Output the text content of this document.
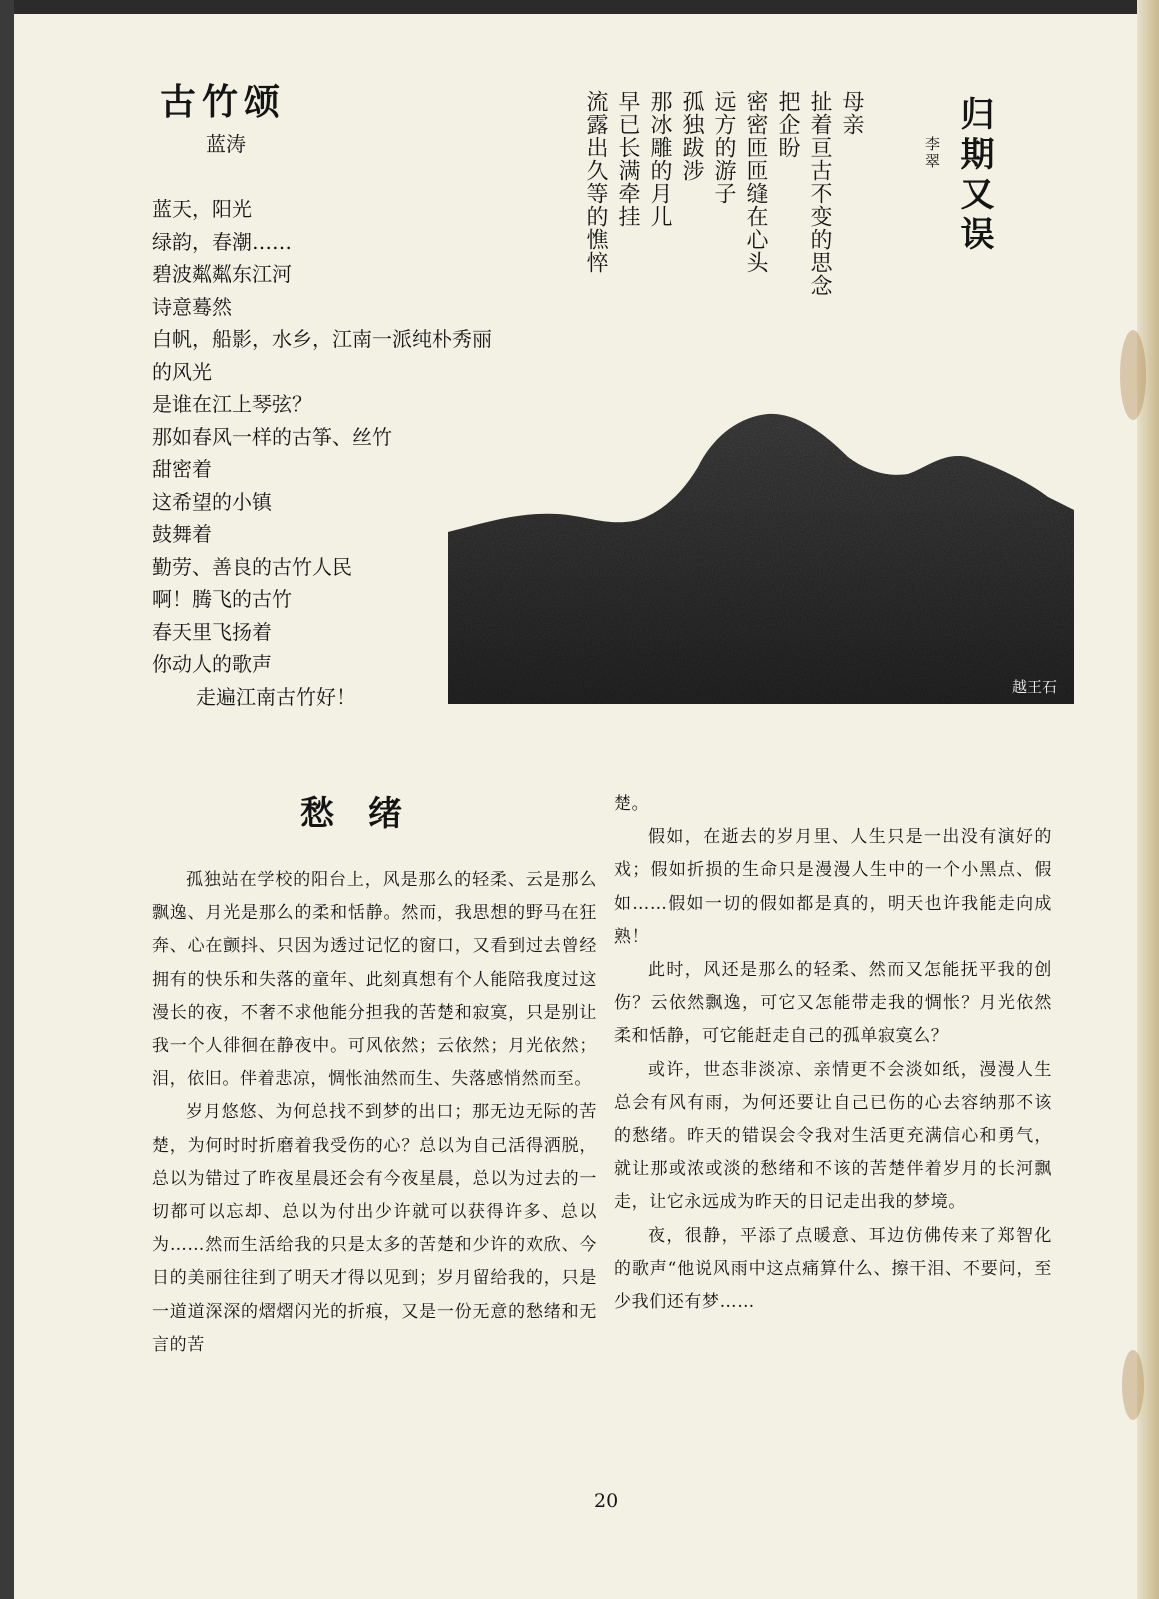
古竹颂
蓝涛
蓝天，阳光
绿韵，春潮……
碧波粼粼东江河
诗意蓦然
白帆，船影，水乡，江南一派纯朴秀丽
的风光
是谁在江上琴弦？
那如春风一样的古筝、丝竹
甜密着
这希望的小镇
鼓舞着
勤劳、善良的古竹人民
啊！腾飞的古竹
春天里飞扬着
你动人的歌声
走遍江南古竹好！
归期又误
李翠
母亲
扯着亘古不变的思念
把企盼
密密匝匝缝在心头
远方的游子
孤独跋涉
那冰雕的月儿
早已长满牵挂
流露出久等的憔悴
越王石
愁绪

孤独站在学校的阳台上，风是那么的轻柔、云是那么飘逸、月光是那么的柔和恬静。然而，我思想的野马在狂奔、心在颤抖、只因为透过记忆的窗口，又看到过去曾经拥有的快乐和失落的童年、此刻真想有个人能陪我度过这漫长的夜，不奢不求他能分担我的苦楚和寂寞，只是别让我一个人徘徊在静夜中。可风依然；云依然；月光依然；泪，依旧。伴着悲凉，惆怅油然而生、失落感悄然而至。

岁月悠悠、为何总找不到梦的出口；那无边无际的苦楚，为何时时折磨着我受伤的心？总以为自己活得洒脱，总以为错过了昨夜星晨还会有今夜星晨，总以为过去的一切都可以忘却、总以为付出少许就可以获得许多、总以为……然而生活给我的只是太多的苦楚和少许的欢欣、今日的美丽往往到了明天才得以见到；岁月留给我的，只是一道道深深的熠熠闪光的折痕，又是一份无意的愁绪和无言的苦

楚。

假如，在逝去的岁月里、人生只是一出没有演好的戏；假如折损的生命只是漫漫人生中的一个小黑点、假如……假如一切的假如都是真的，明天也许我能走向成熟！

此时，风还是那么的轻柔、然而又怎能抚平我的创伤？云依然飘逸，可它又怎能带走我的惆怅？月光依然柔和恬静，可它能赶走自己的孤单寂寞么？

或许，世态非淡凉、亲情更不会淡如纸，漫漫人生总会有风有雨，为何还要让自己已伤的心去容纳那不该的愁绪。昨天的错误会令我对生活更充满信心和勇气，就让那或浓或淡的愁绪和不该的苦楚伴着岁月的长河飘走，让它永远成为昨天的日记走出我的梦境。

夜，很静，平添了点暖意、耳边仿佛传来了郑智化的歌声“他说风雨中这点痛算什么、擦干泪、不要问，至少我们还有梦……

20
